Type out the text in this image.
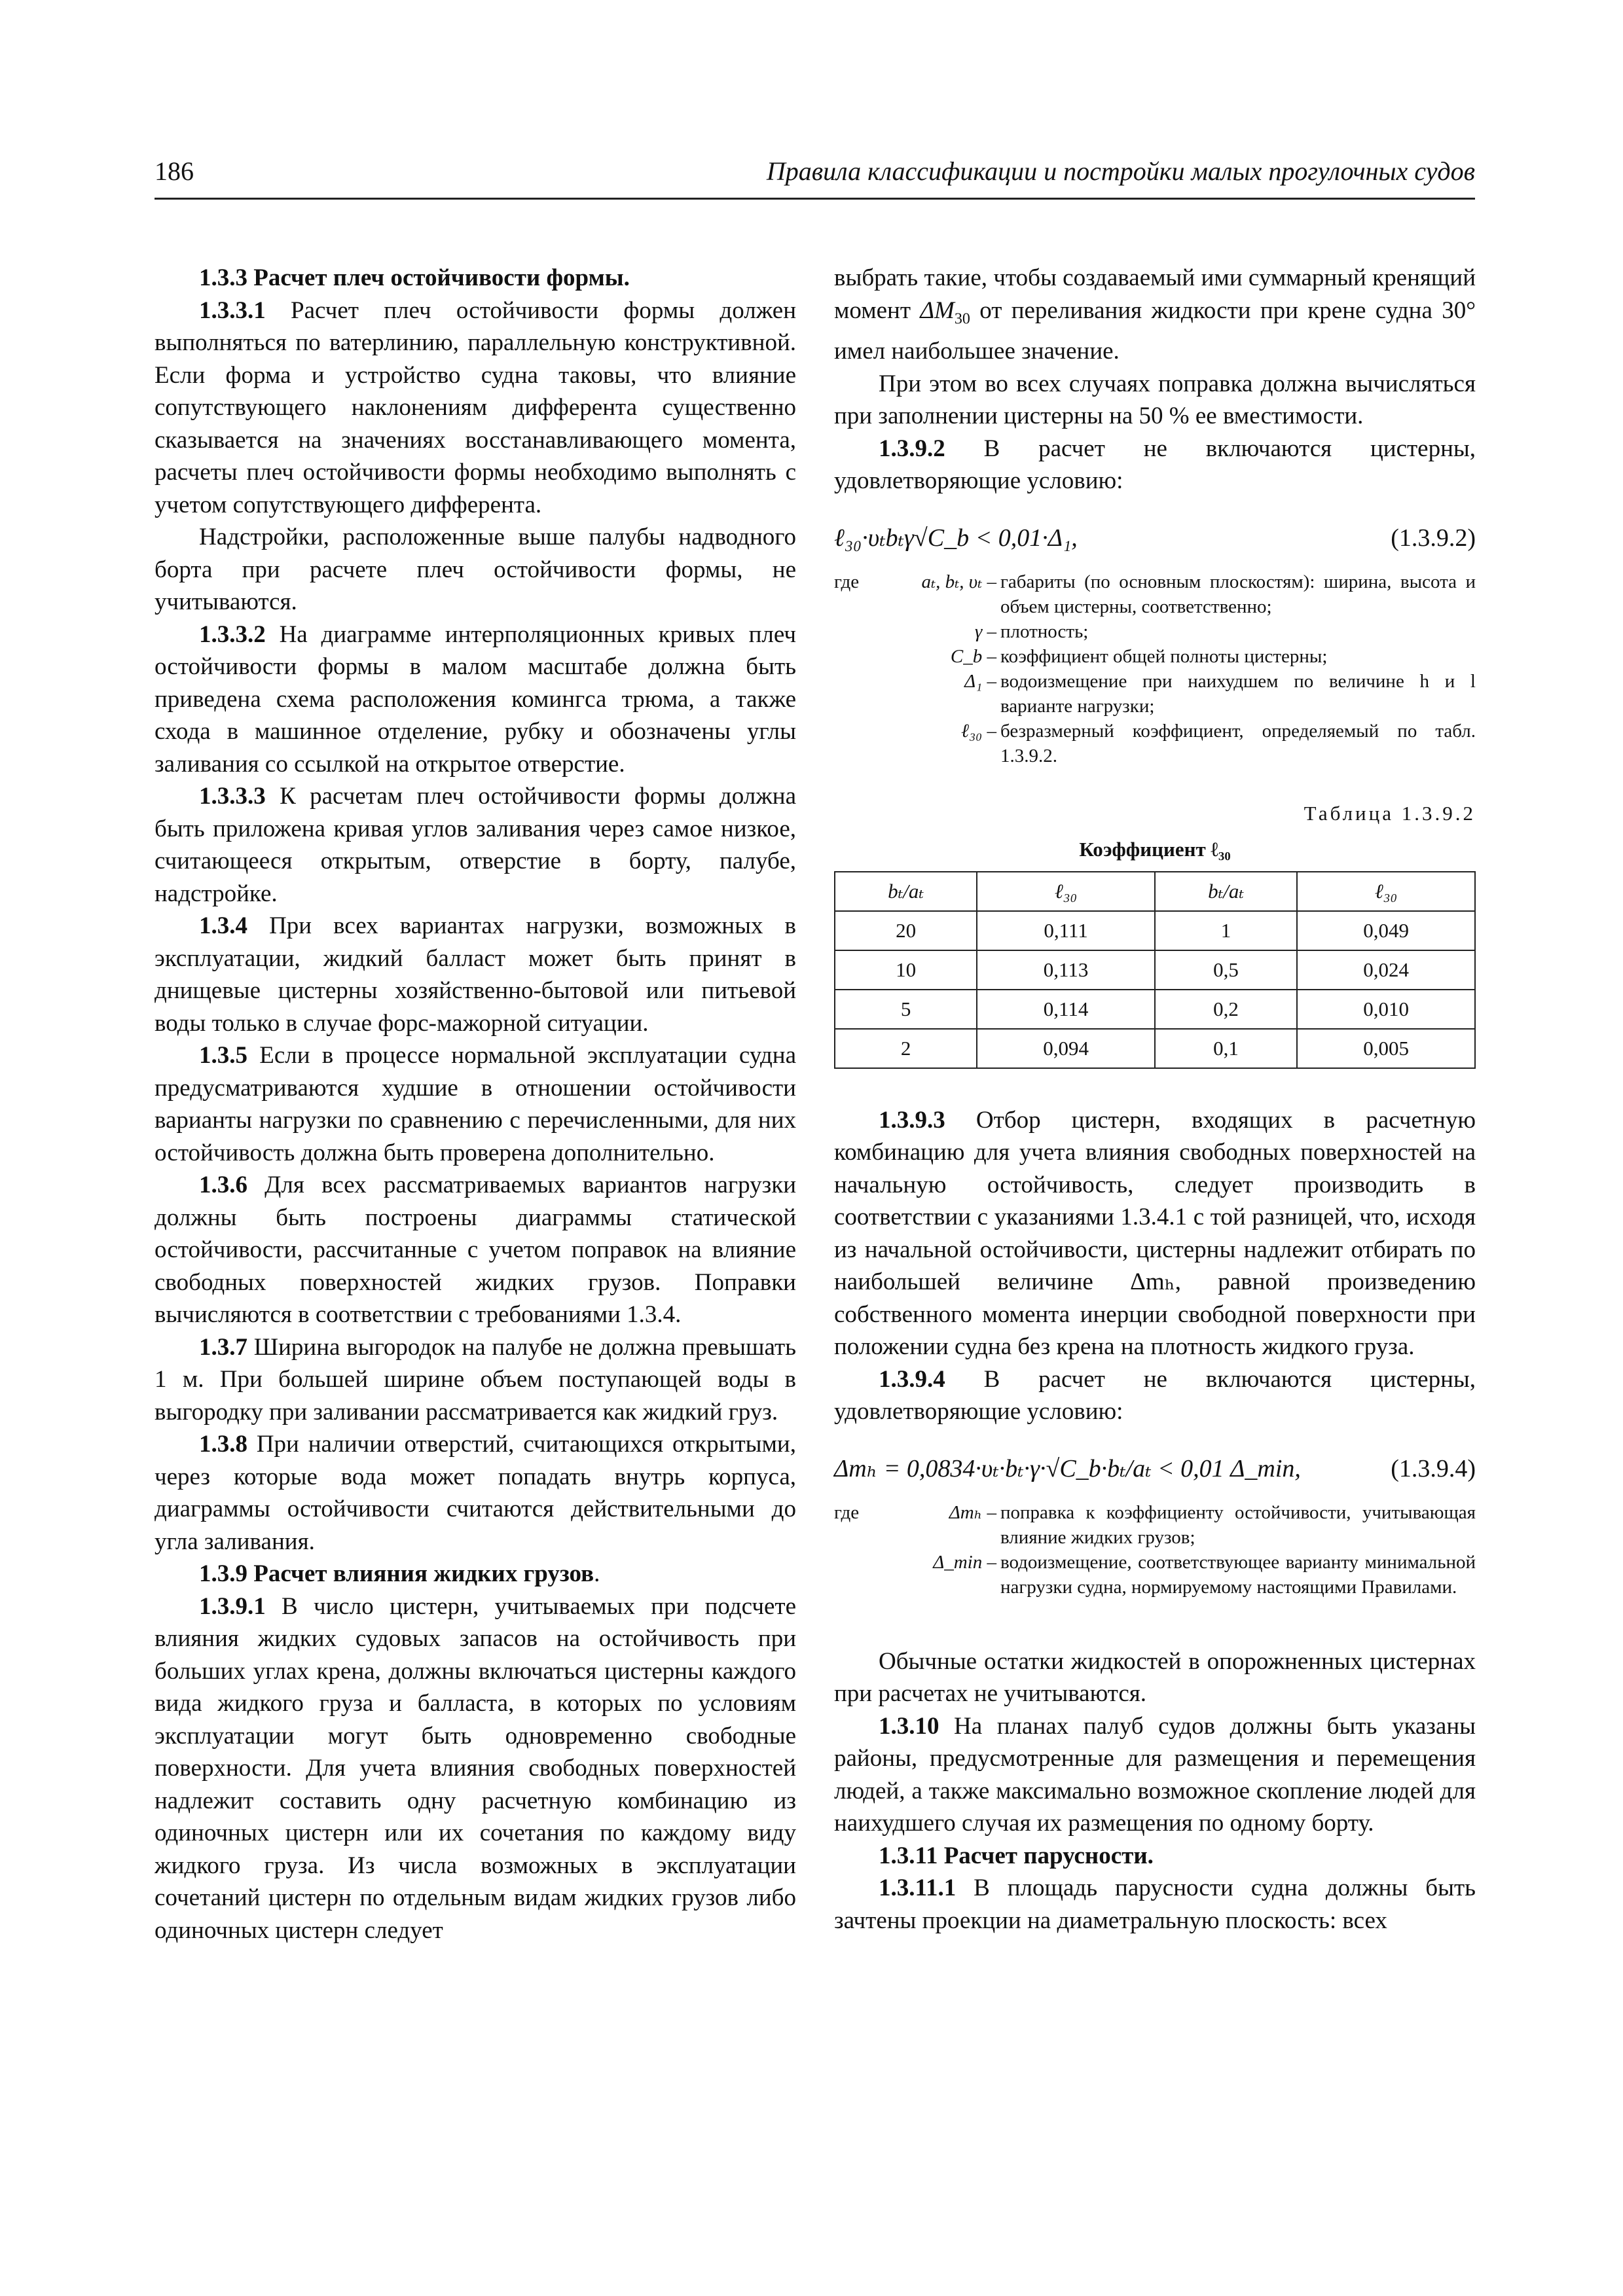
186	Правила классификации и постройки малых прогулочных судов

1.3.3 Расчет плеч остойчивости формы.

1.3.3.1 Расчет плеч остойчивости формы должен выполняться по ватерлинию, параллельную конструктивной. Если форма и устройство судна таковы, что влияние сопутствующего наклонениям дифферента существенно сказывается на значениях восстанавливающего момента, расчеты плеч остойчивости формы необходимо выполнять с учетом сопутствующего дифферента.

Надстройки, расположенные выше палубы надводного борта при расчете плеч остойчивости формы, не учитываются.

1.3.3.2 На диаграмме интерполяционных кривых плеч остойчивости формы в малом масштабе должна быть приведена схема расположения комингса трюма, а также схода в машинное отделение, рубку и обозначены углы заливания со ссылкой на открытое отверстие.

1.3.3.3 К расчетам плеч остойчивости формы должна быть приложена кривая углов заливания через самое низкое, считающееся открытым, отверстие в борту, палубе, надстройке.

1.3.4 При всех вариантах нагрузки, возможных в эксплуатации, жидкий балласт может быть принят в днищевые цистерны хозяйственно-бытовой или питьевой воды только в случае форс-мажорной ситуации.

1.3.5 Если в процессе нормальной эксплуатации судна предусматриваются худшие в отношении остойчивости варианты нагрузки по сравнению с перечисленными, для них остойчивость должна быть проверена дополнительно.

1.3.6 Для всех рассматриваемых вариантов нагрузки должны быть построены диаграммы статической остойчивости, рассчитанные с учетом поправок на влияние свободных поверхностей жидких грузов. Поправки вычисляются в соответствии с требованиями 1.3.4.

1.3.7 Ширина выгородок на палубе не должна превышать 1 м. При большей ширине объем поступающей воды в выгородку при заливании рассматривается как жидкий груз.

1.3.8 При наличии отверстий, считающихся открытыми, через которые вода может попадать внутрь корпуса, диаграммы остойчивости считаются действительными до угла заливания.

1.3.9 Расчет влияния жидких грузов.

1.3.9.1 В число цистерн, учитываемых при подсчете влияния жидких судовых запасов на остойчивость при больших углах крена, должны включаться цистерны каждого вида жидкого груза и балласта, в которых по условиям эксплуатации могут быть одновременно свободные поверхности. Для учета влияния свободных поверхностей надлежит составить одну расчетную комбинацию из одиночных цистерн или их сочетания по каждому виду жидкого груза. Из числа возможных в эксплуатации сочетаний цистерн по отдельным видам жидких грузов либо одиночных цистерн следует

выбрать такие, чтобы создаваемый ими суммарный кренящий момент $\Delta M_{30}$ от переливания жидкости при крене судна 30° имел наибольшее значение.

При этом во всех случаях поправка должна вычисляться при заполнении цистерны на 50 % ее вместимости.

1.3.9.2 В расчет не включаются цистерны, удовлетворяющие условию:

ℓ₃₀·υₜbₜγ√C_b < 0,01·Δ₁,	(1.3.9.2)
где	aₜ, bₜ, υₜ – габариты (по основным плоскостям): ширина, высота и объем цистерны, соответственно;
γ – плотность;
C_b – коэффициент общей полноты цистерны;
Δ₁ – водоизмещение при наихудшем по величине h и l варианте нагрузки;
ℓ₃₀ – безразмерный коэффициент, определяемый по табл. 1.3.9.2.
Таблица 1.3.9.2
Коэффициент ℓ₃₀
bₜ/aₜ	ℓ₃₀	bₜ/aₜ	ℓ₃₀
20	0,111	1	0,049
10	0,113	0,5	0,024
5	0,114	0,2	0,010
2	0,094	0,1	0,005

1.3.9.3 Отбор цистерн, входящих в расчетную комбинацию для учета влияния свободных поверхностей на начальную остойчивость, следует производить в соответствии с указаниями 1.3.4.1 с той разницей, что, исходя из начальной остойчивости, цистерны надлежит отбирать по наибольшей величине Δmₕ, равной произведению собственного момента инерции свободной поверхности при положении судна без крена на плотность жидкого груза.

1.3.9.4 В расчет не включаются цистерны, удовлетворяющие условию:

Δmₕ = 0,0834·υₜ·bₜ·γ·√C_b·bₜ/aₜ < 0,01 Δ_min,	(1.3.9.4)
где	Δmₕ – поправка к коэффициенту остойчивости, учитывающая влияние жидких грузов;
Δ_min – водоизмещение, соответствующее варианту минимальной нагрузки судна, нормируемому настоящими Правилами.

Обычные остатки жидкостей в опорожненных цистернах при расчетах не учитываются.

1.3.10 На планах палуб судов должны быть указаны районы, предусмотренные для размещения и перемещения людей, а также максимально возможное скопление людей для наихудшего случая их размещения по одному борту.

1.3.11 Расчет парусности.

1.3.11.1 В площадь парусности судна должны быть зачтены проекции на диаметральную плоскость: всех
